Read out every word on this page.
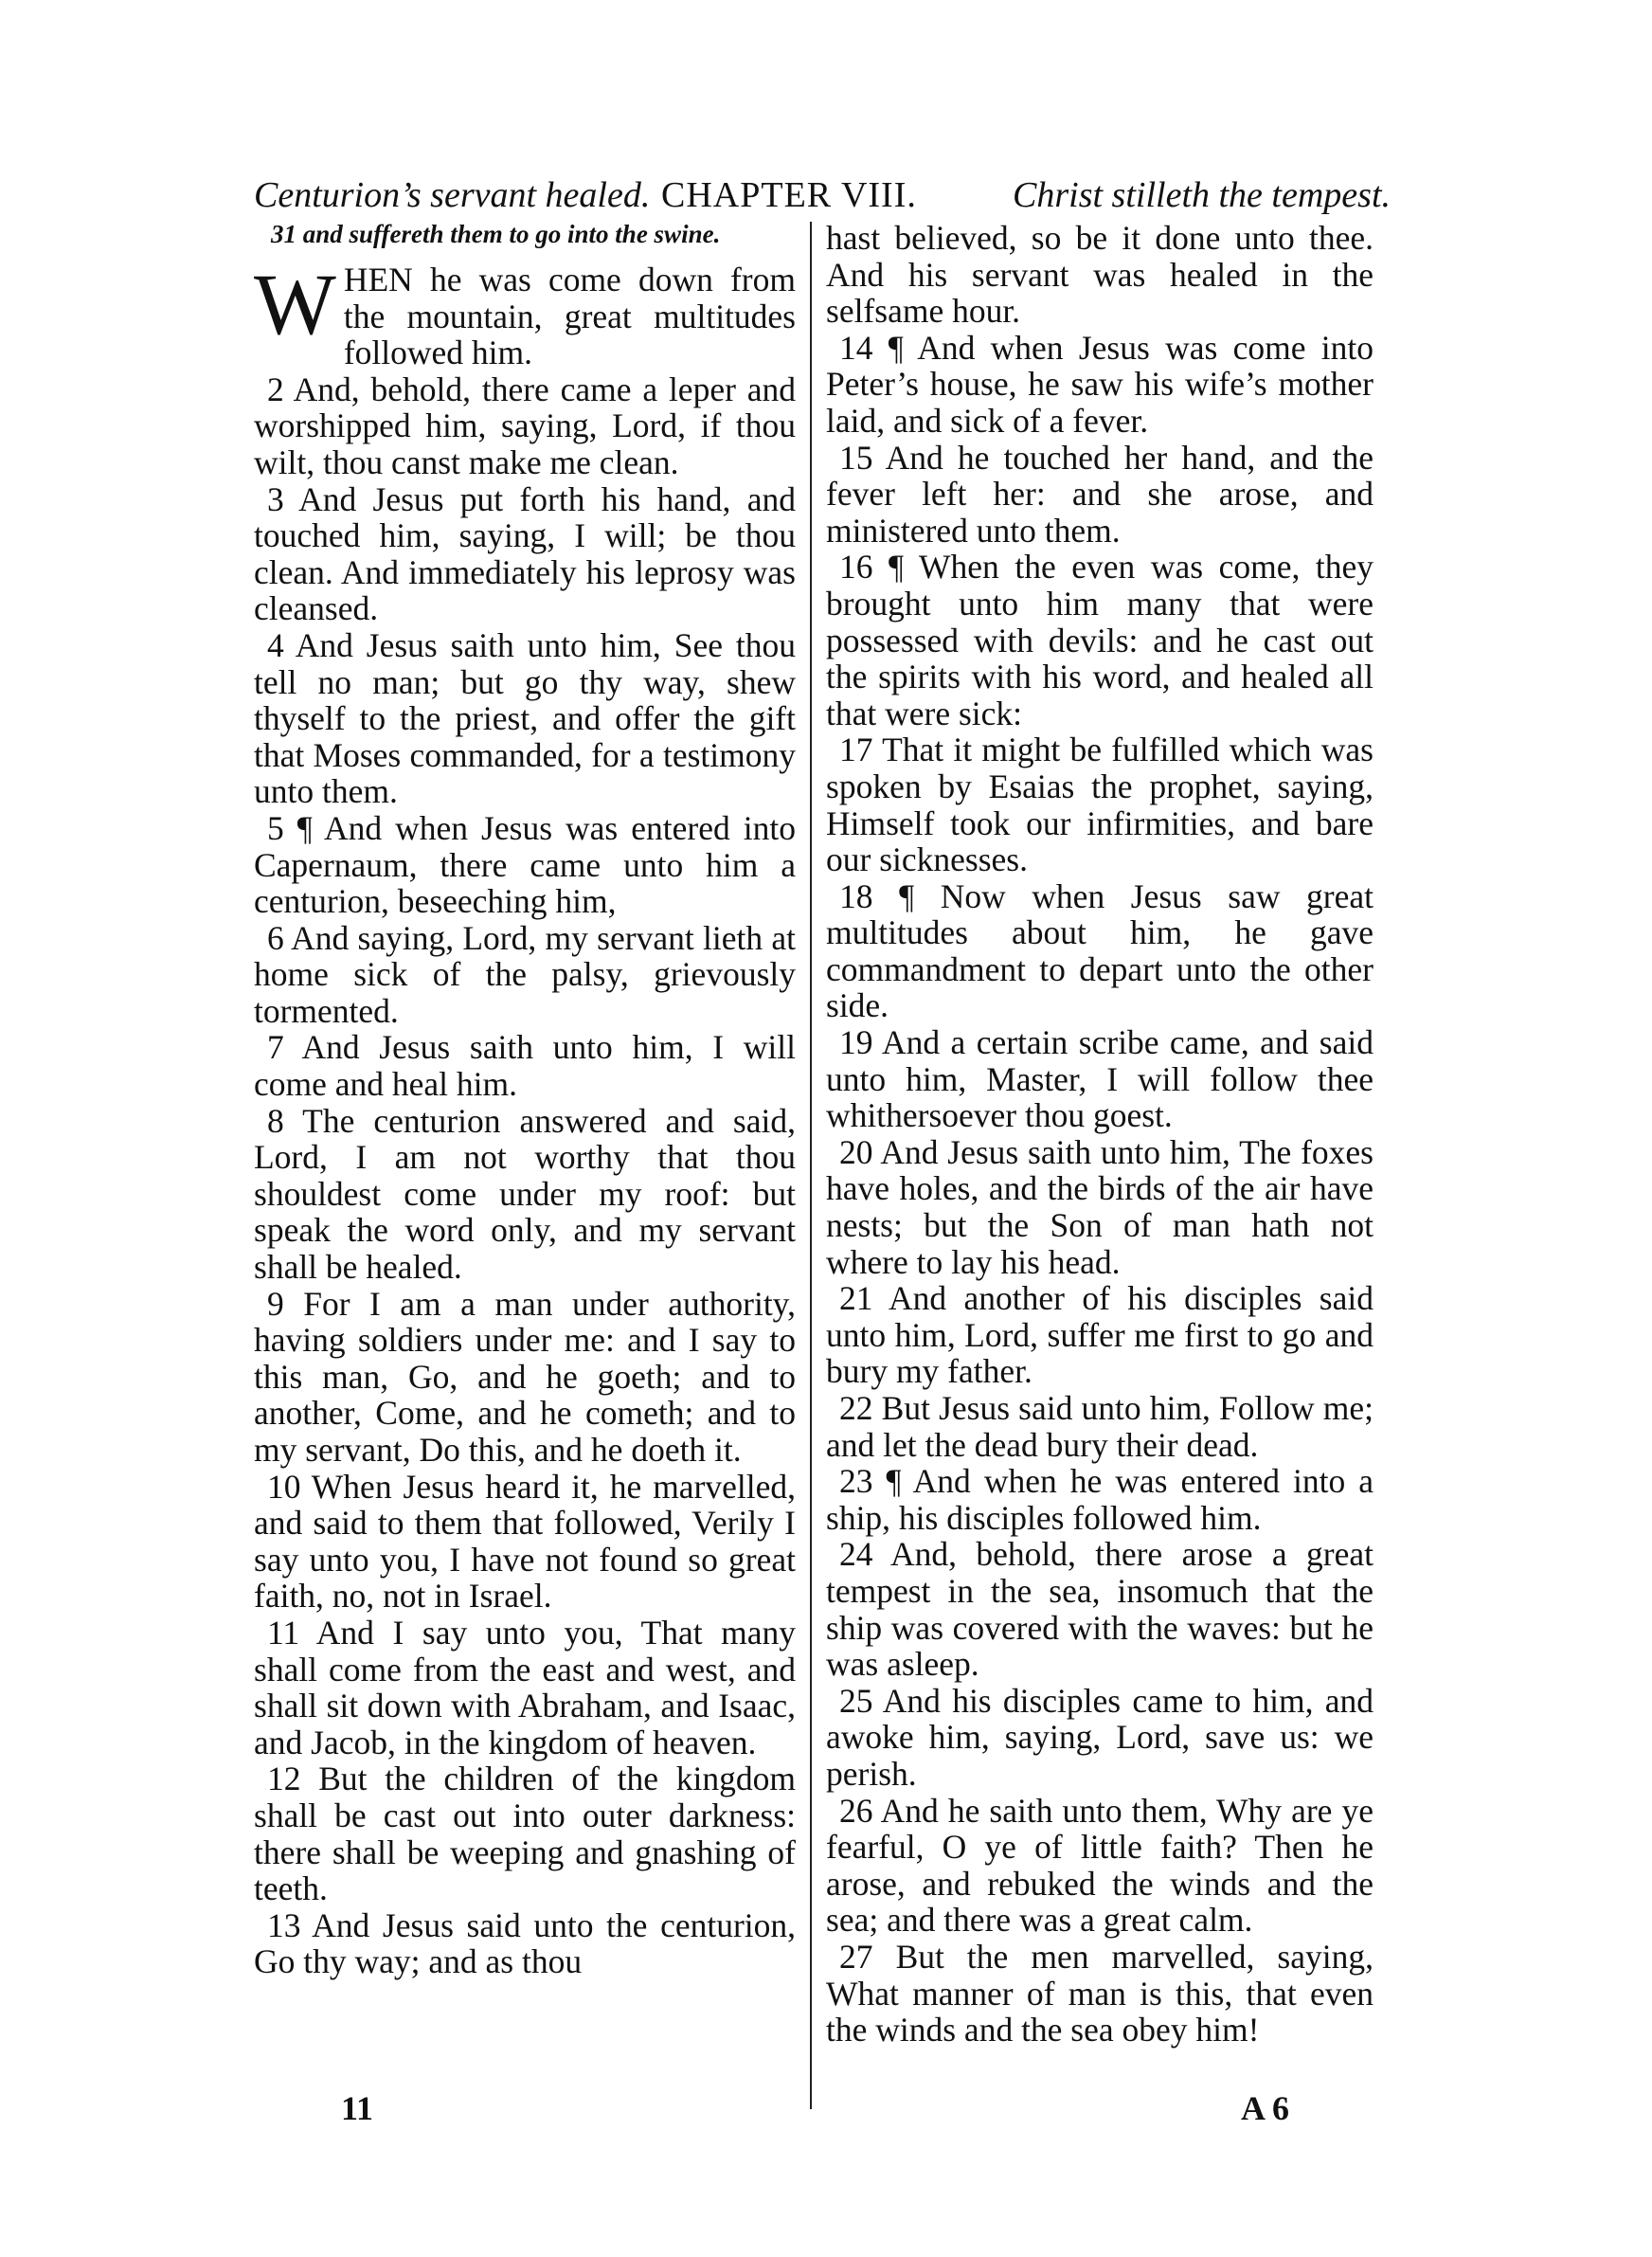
Centurion’s servant healed. CHAPTER VIII.	Christ stilleth the tempest.

31 and suffereth them to go into the swine.

W HEN he was come down from the mountain, great multitudes followed him.

2 And, behold, there came a leper and worshipped him, saying, Lord, if thou wilt, thou canst make me clean.

3 And Jesus put forth his hand, and touched him, saying, I will; be thou clean. And immediately his leprosy was cleansed.

4 And Jesus saith unto him, See thou tell no man; but go thy way, shew thyself to the priest, and offer the gift that Moses commanded, for a testimony unto them.

5 ¶ And when Jesus was entered into Capernaum, there came unto him a centurion, beseeching him,

6 And saying, Lord, my servant lieth at home sick of the palsy, grievously tormented.

7 And Jesus saith unto him, I will come and heal him.

8 The centurion answered and said, Lord, I am not worthy that thou shouldest come under my roof: but speak the word only, and my servant shall be healed.

9 For I am a man under authority, having soldiers under me: and I say to this man, Go, and he goeth; and to another, Come, and he cometh; and to my servant, Do this, and he doeth it.

10 When Jesus heard it, he marvelled, and said to them that followed, Verily I say unto you, I have not found so great faith, no, not in Israel.

11 And I say unto you, That many shall come from the east and west, and shall sit down with Abraham, and Isaac, and Jacob, in the kingdom of heaven.

12 But the children of the kingdom shall be cast out into outer darkness: there shall be weeping and gnashing of teeth.

13 And Jesus said unto the centurion, Go thy way; and as thou

hast believed, so be it done unto thee. And his servant was healed in the selfsame hour.

14 ¶ And when Jesus was come into Peter’s house, he saw his wife’s mother laid, and sick of a fever.

15 And he touched her hand, and the fever left her: and she arose, and ministered unto them.

16 ¶ When the even was come, they brought unto him many that were possessed with devils: and he cast out the spirits with his word, and healed all that were sick:

17 That it might be fulfilled which was spoken by Esaias the prophet, saying, Himself took our infirmities, and bare our sicknesses.

18 ¶ Now when Jesus saw great multitudes about him, he gave commandment to depart unto the other side.

19 And a certain scribe came, and said unto him, Master, I will follow thee whithersoever thou goest.

20 And Jesus saith unto him, The foxes have holes, and the birds of the air have nests; but the Son of man hath not where to lay his head.

21 And another of his disciples said unto him, Lord, suffer me first to go and bury my father.

22 But Jesus said unto him, Follow me; and let the dead bury their dead.

23 ¶ And when he was entered into a ship, his disciples followed him.

24 And, behold, there arose a great tempest in the sea, insomuch that the ship was covered with the waves: but he was asleep.

25 And his disciples came to him, and awoke him, saying, Lord, save us: we perish.

26 And he saith unto them, Why are ye fearful, O ye of little faith? Then he arose, and rebuked the winds and the sea; and there was a great calm.

27 But the men marvelled, saying, What manner of man is this, that even the winds and the sea obey him!

11	A 6
